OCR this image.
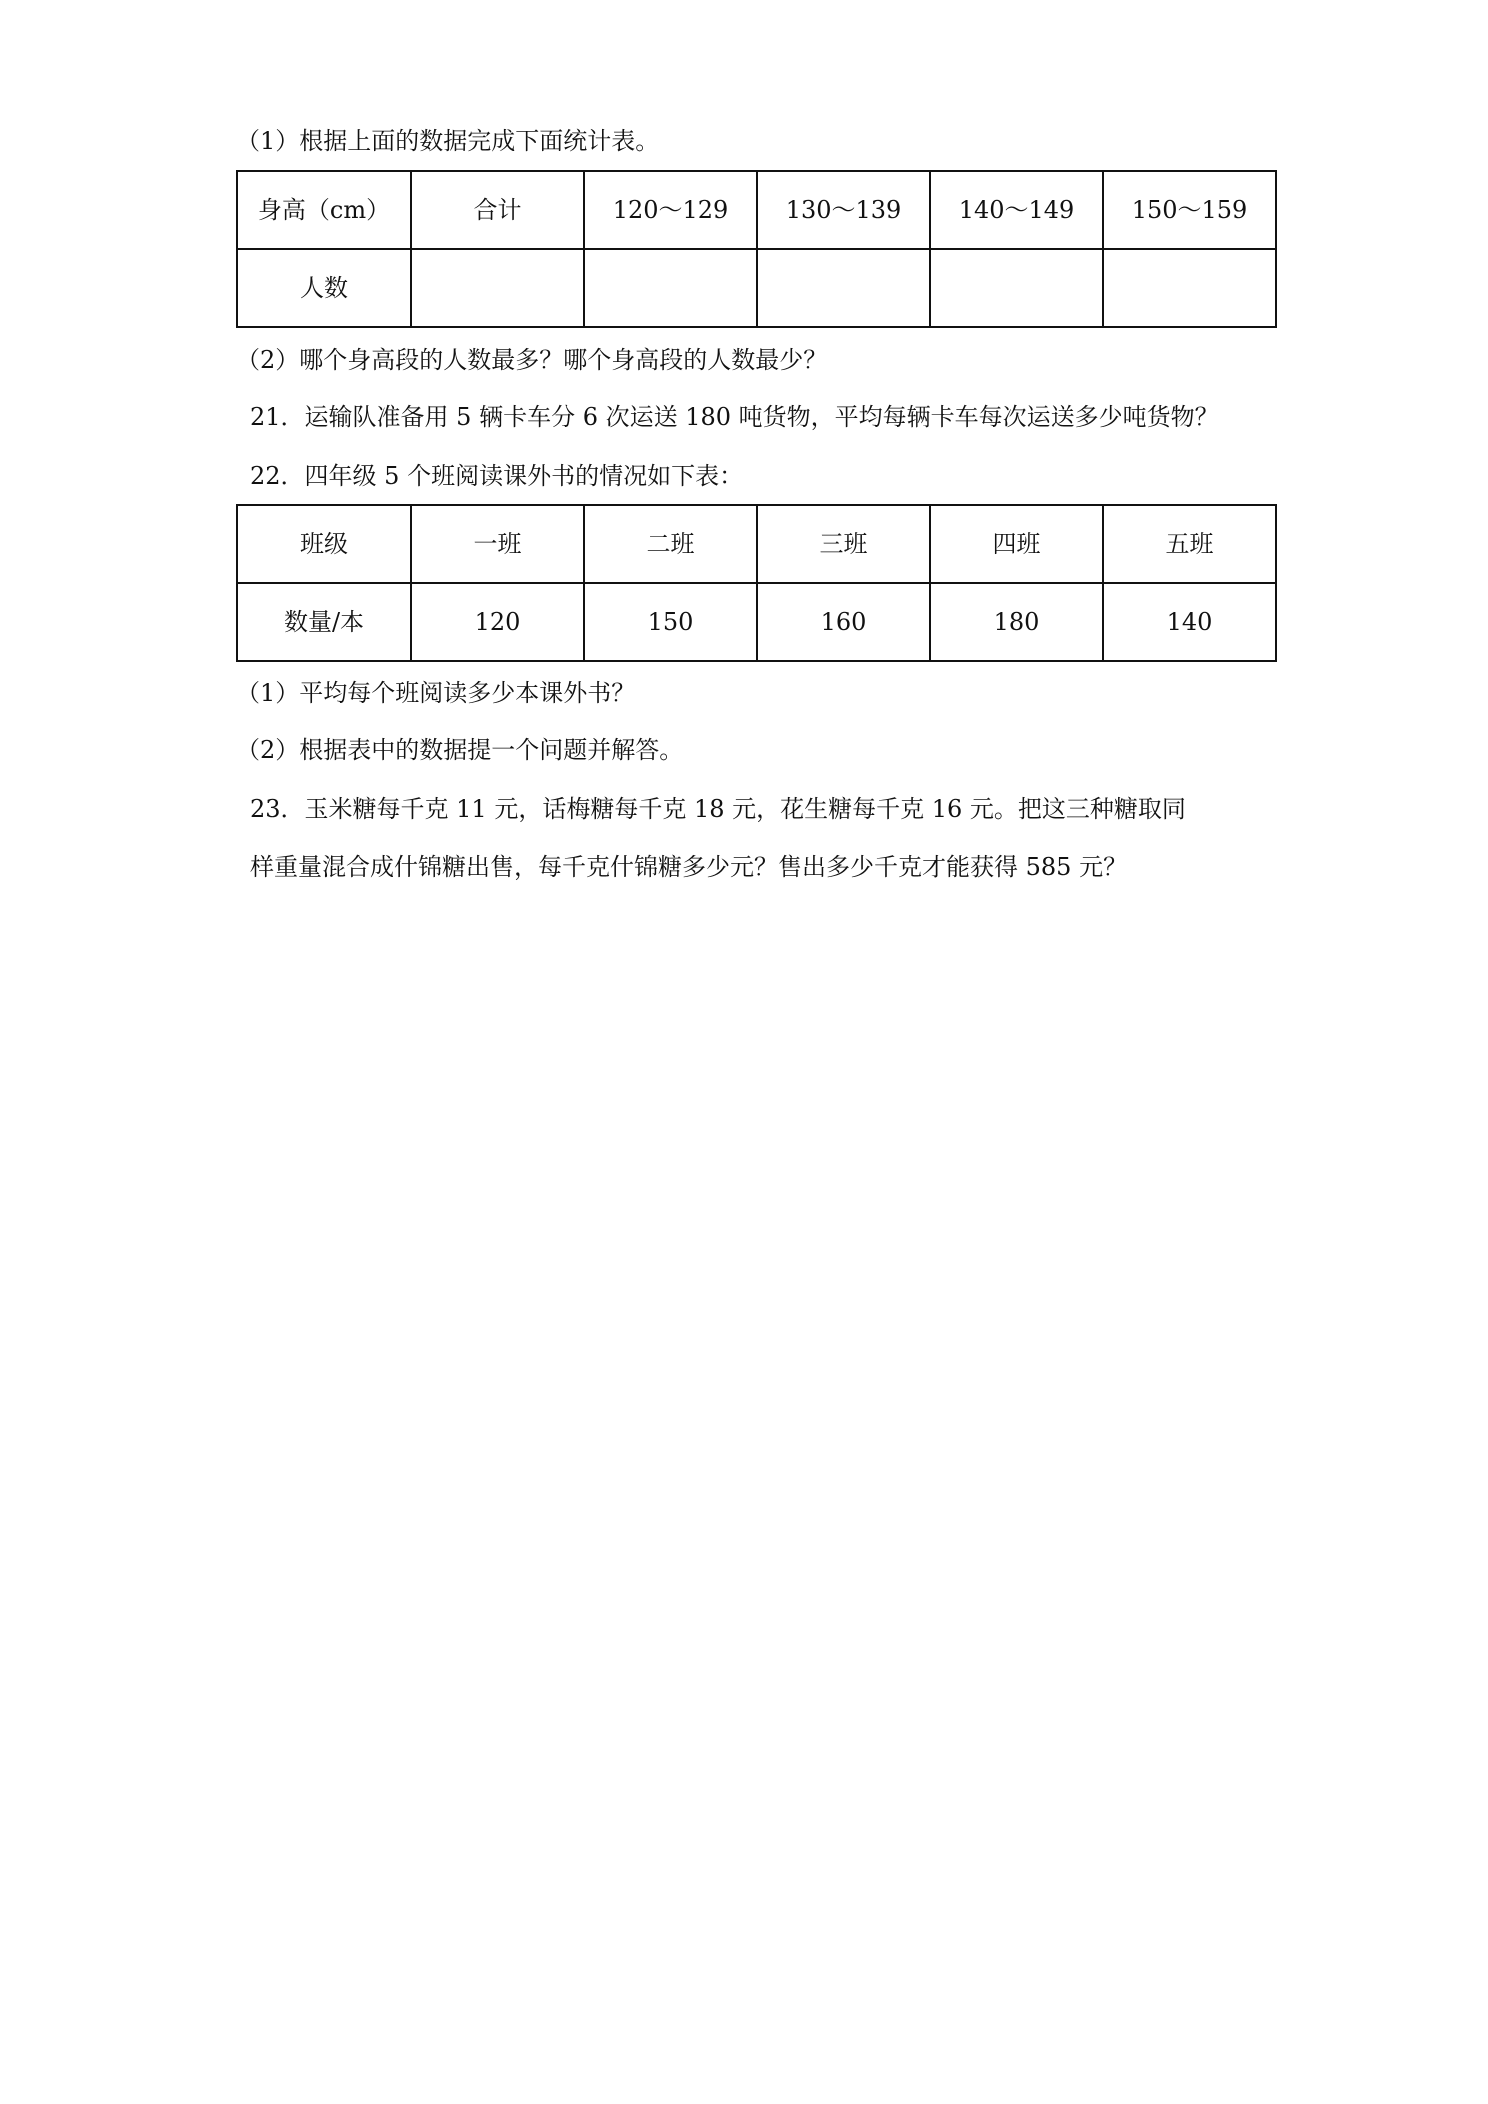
（1）根据上面的数据完成下面统计表。
身高（cm）	合计	120～129	130～139	140～149	150～159
人数					
（2）哪个身高段的人数最多？哪个身高段的人数最少？
21．运输队准备用 5 辆卡车分 6 次运送 180 吨货物，平均每辆卡车每次运送多少吨货物？
22．四年级 5 个班阅读课外书的情况如下表：
班级	一班	二班	三班	四班	五班
数量/本	120	150	160	180	140
（1）平均每个班阅读多少本课外书？
（2）根据表中的数据提一个问题并解答。
23．玉米糖每千克 11 元，话梅糖每千克 18 元，花生糖每千克 16 元。把这三种糖取同
样重量混合成什锦糖出售，每千克什锦糖多少元？售出多少千克才能获得 585 元？
